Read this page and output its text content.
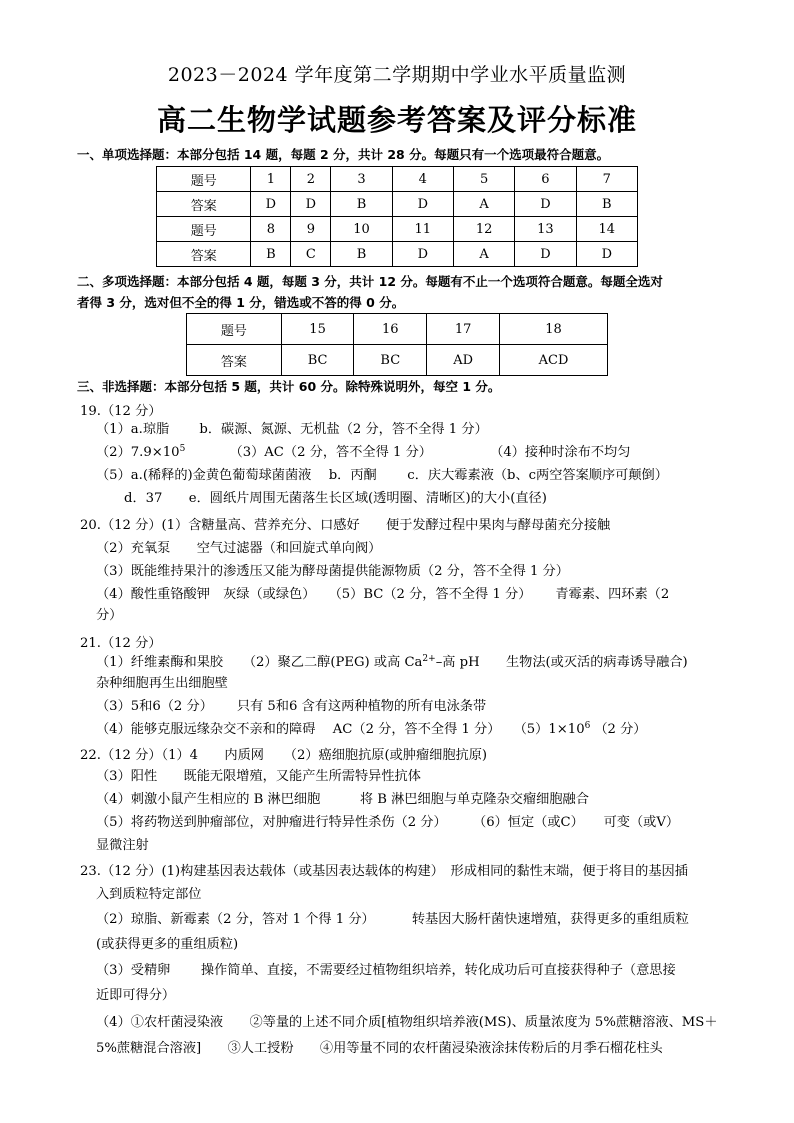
2023－2024 学年度第二学期期中学业水平质量监测
高二生物学试题参考答案及评分标准
一、单项选择题：本部分包括 14 题，每题 2 分，共计 28 分。每题只有一个选项最符合题意。
题号	1	2	3	4	5	6	7
答案	D	D	B	D	A	D	B
题号	8	9	10	11	12	13	14
答案	B	C	B	D	A	D	D
二、多项选择题：本部分包括 4 题，每题 3 分，共计 12 分。每题有不止一个选项符合题意。每题全选对
者得 3 分，选对但不全的得 1 分，错选或不答的得 0 分。
题号	15	16	17	18
答案	BC	BC	AD	ACD
三、非选择题：本部分包括 5 题，共计 60 分。除特殊说明外，每空 1 分。
19.（12 分）
（1）a.琼脂 b．碳源、氮源、无机盐（2 分，答不全得 1 分）
（2）7.9×105	（3）AC（2 分，答不全得 1 分）	（4）接种时涂布不均匀
（5）a.(稀释的)金黄色葡萄球菌菌液　 b．丙酮　　 c．庆大霉素液（b、c两空答案顺序可颠倒）
d．37　　e．圆纸片周围无菌落生长区域(透明圈、清晰区)的大小(直径)
20.（12 分）(1）含糖量高、营养充分、口感好　　便于发酵过程中果肉与酵母菌充分接触
（2）充氧泵　　空气过滤器（和回旋式单向阀）
（3）既能维持果汁的渗透压又能为酵母菌提供能源物质（2 分，答不全得 1 分）
（4）酸性重铬酸钾　灰绿（或绿色）　　（5）BC（2 分，答不全得 1 分）　　 青霉素、四环素（2
分）
21.（12 分）
（1）纤维素酶和果胶　　（2）聚乙二醇(PEG) 或高 Ca2+–高 pH　　生物法(或灭活的病毒诱导融合)
杂种细胞再生出细胞壁
（3）5和6（2 分）　　 只有 5和6 含有这两种植物的所有电泳条带
（4）能够克服远缘杂交不亲和的障碍　 AC（2 分，答不全得 1 分）　　（5）1×106 （2 分）
22.（12 分）（1）4　　内质网　　（2）癌细胞抗原(或肿瘤细胞抗原)
（3）阳性　　既能无限增殖，又能产生所需特异性抗体
（4）刺激小鼠产生相应的 B 淋巴细胞　　　将 B 淋巴细胞与单克隆杂交瘤细胞融合
（5）将药物送到肿瘤部位，对肿瘤进行特异性杀伤（2 分）　　　（6）恒定（或C）　　可变（或V）
显微注射
23.（12 分）(1)构建基因表达载体（或基因表达载体的构建）　形成相同的黏性末端，便于将目的基因插
入到质粒特定部位
（2）琼脂、新霉素（2 分，答对 1 个得 1 分）　　　 转基因大肠杆菌快速增殖，获得更多的重组质粒
(或获得更多的重组质粒)
（3）受精卵　　 操作简单、直接，不需要经过植物组织培养，转化成功后可直接获得种子（意思接
近即可得分）
（4）①农杆菌浸染液　　②等量的上述不同介质[植物组织培养液(MS)、质量浓度为 5%蔗糖溶液、MS＋
5%蔗糖混合溶液]　　③人工授粉　　④用等量不同的农杆菌浸染液涂抹传粉后的月季石榴花柱头
